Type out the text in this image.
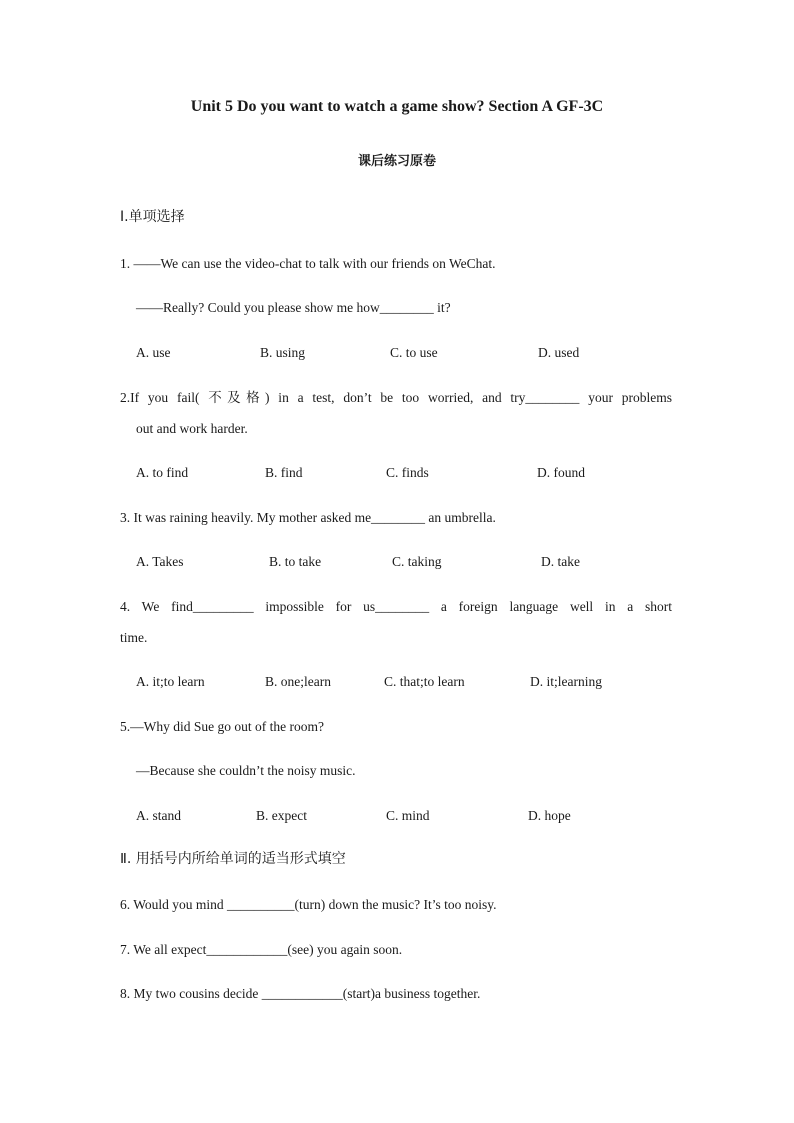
Unit 5 Do you want to watch a game show? Section A GF-3C
课后练习原卷
Ⅰ.单项选择
1. ——We can use the video-chat to talk with our friends on WeChat.
——Really? Could you please show me how________ it?
A. use	B. using	C. to use	D. used
2.If you fail( 不及格) in a test, don’t be too worried, and try________ your problems
out and work harder.
A. to find	B. find	C. finds	D. found
3. It was raining heavily. My mother asked me________ an umbrella.
A. Takes	B. to take	C. taking	D. take
4. We find_________ impossible for us________ a foreign language well in a short
time.
A. it;to learn	B. one;learn	C. that;to learn	D. it;learning
5.—Why did Sue go out of the room?
—Because she couldn’t the noisy music.
A. stand	B. expect	C. mind	D. hope
Ⅱ. 用括号内所给单词的适当形式填空
6. Would you mind __________(turn) down the music? It’s too noisy.
7. We all expect____________(see) you again soon.
8. My two cousins decide ____________(start)a business together.
